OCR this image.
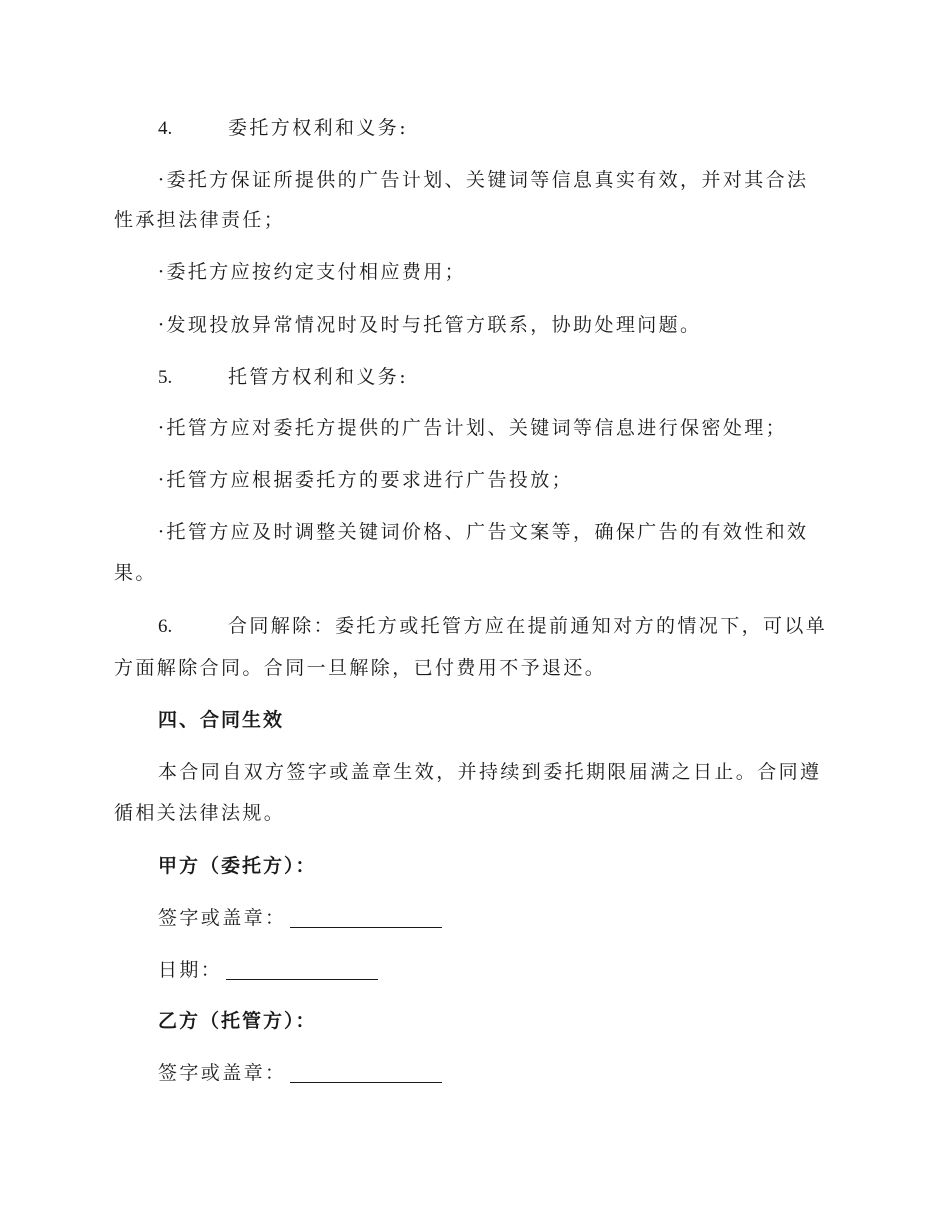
4.	委托方权利和义务:
·委托方保证所提供的广告计划、关键词等信息真实有效，并对其合法
性承担法律责任；
·委托方应按约定支付相应费用；
·发现投放异常情况时及时与托管方联系，协助处理问题。
5.	托管方权利和义务:
·托管方应对委托方提供的广告计划、关键词等信息进行保密处理；
·托管方应根据委托方的要求进行广告投放；
·托管方应及时调整关键词价格、广告文案等，确保广告的有效性和效
果。
6.	合同解除：委托方或托管方应在提前通知对方的情况下，可以单
方面解除合同。合同一旦解除，已付费用不予退还。
四、合同生效
本合同自双方签字或盖章生效，并持续到委托期限届满之日止。合同遵
循相关法律法规。
甲方（委托方）：
签字或盖章：
日期：
乙方（托管方）：
签字或盖章：
